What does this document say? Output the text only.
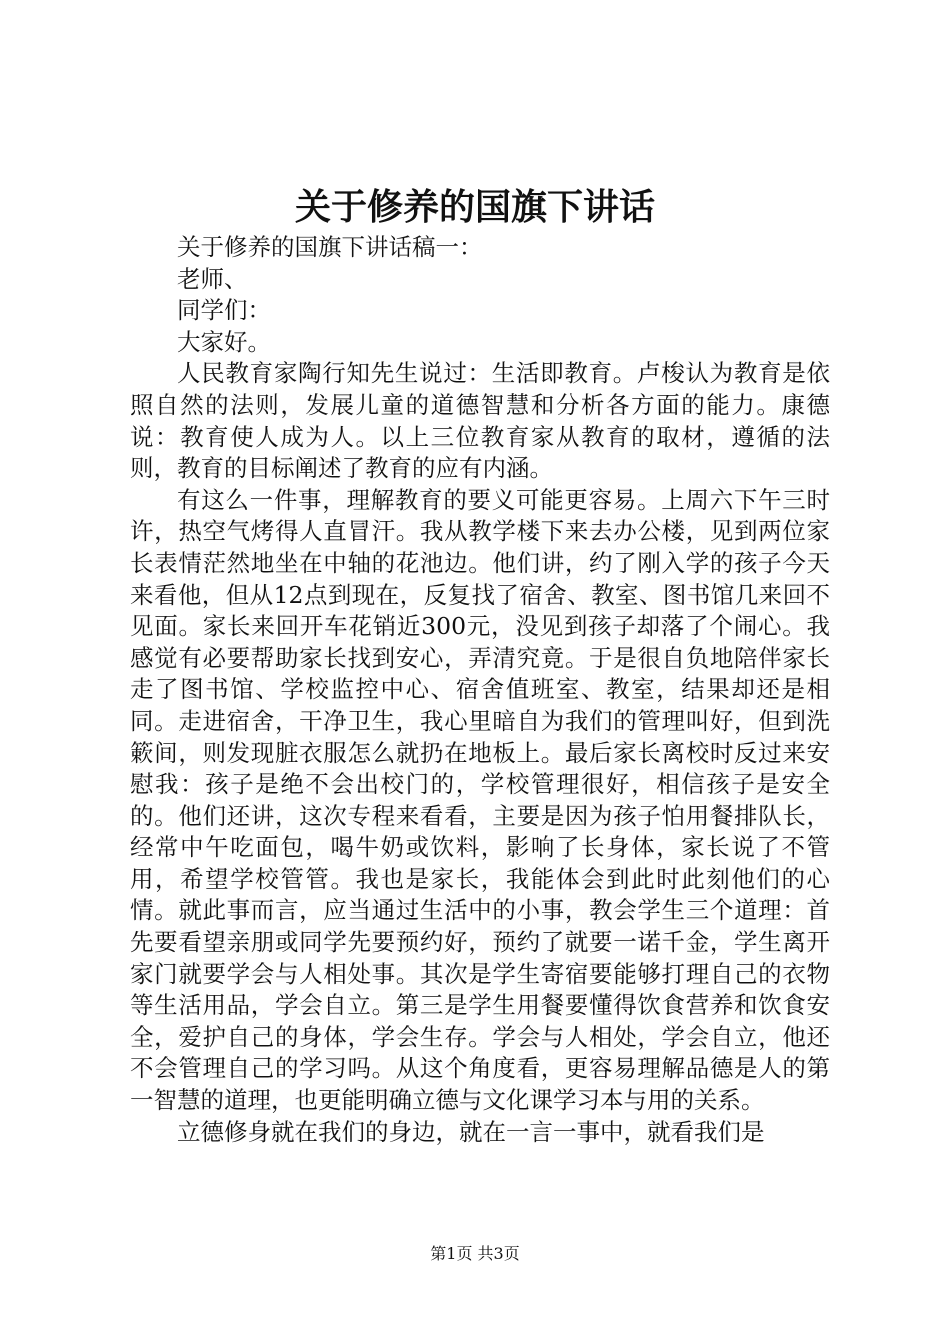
关于修养的国旗下讲话

关于修养的国旗下讲话稿一：

老师、

同学们：

大家好。

人民教育家陶行知先生说过：生活即教育。卢梭认为教育是依照自然的法则，发展儿童的道德智慧和分析各方面的能力。康德说：教育使人成为人。以上三位教育家从教育的取材，遵循的法则，教育的目标阐述了教育的应有内涵。

有这么一件事，理解教育的要义可能更容易。上周六下午三时许，热空气烤得人直冒汗。我从教学楼下来去办公楼，见到两位家长表情茫然地坐在中轴的花池边。他们讲，约了刚入学的孩子今天来看他，但从12点到现在，反复找了宿舍、教室、图书馆几来回不见面。家长来回开车花销近300元，没见到孩子却落了个闹心。我感觉有必要帮助家长找到安心，弄清究竟。于是很自负地陪伴家长走了图书馆、学校监控中心、宿舍值班室、教室，结果却还是相同。走进宿舍，干净卫生，我心里暗自为我们的管理叫好，但到洗簌间，则发现脏衣服怎么就扔在地板上。最后家长离校时反过来安慰我：孩子是绝不会出校门的，学校管理很好，相信孩子是安全的。他们还讲，这次专程来看看，主要是因为孩子怕用餐排队长，经常中午吃面包，喝牛奶或饮料，影响了长身体，家长说了不管用，希望学校管管。我也是家长，我能体会到此时此刻他们的心情。就此事而言，应当通过生活中的小事，教会学生三个道理：首先要看望亲朋或同学先要预约好，预约了就要一诺千金，学生离开家门就要学会与人相处事。其次是学生寄宿要能够打理自己的衣物等生活用品，学会自立。第三是学生用餐要懂得饮食营养和饮食安全，爱护自己的身体，学会生存。学会与人相处，学会自立，他还不会管理自己的学习吗。从这个角度看，更容易理解品德是人的第一智慧的道理，也更能明确立德与文化课学习本与用的关系。

立德修身就在我们的身边，就在一言一事中，就看我们是

第1页 共3页
